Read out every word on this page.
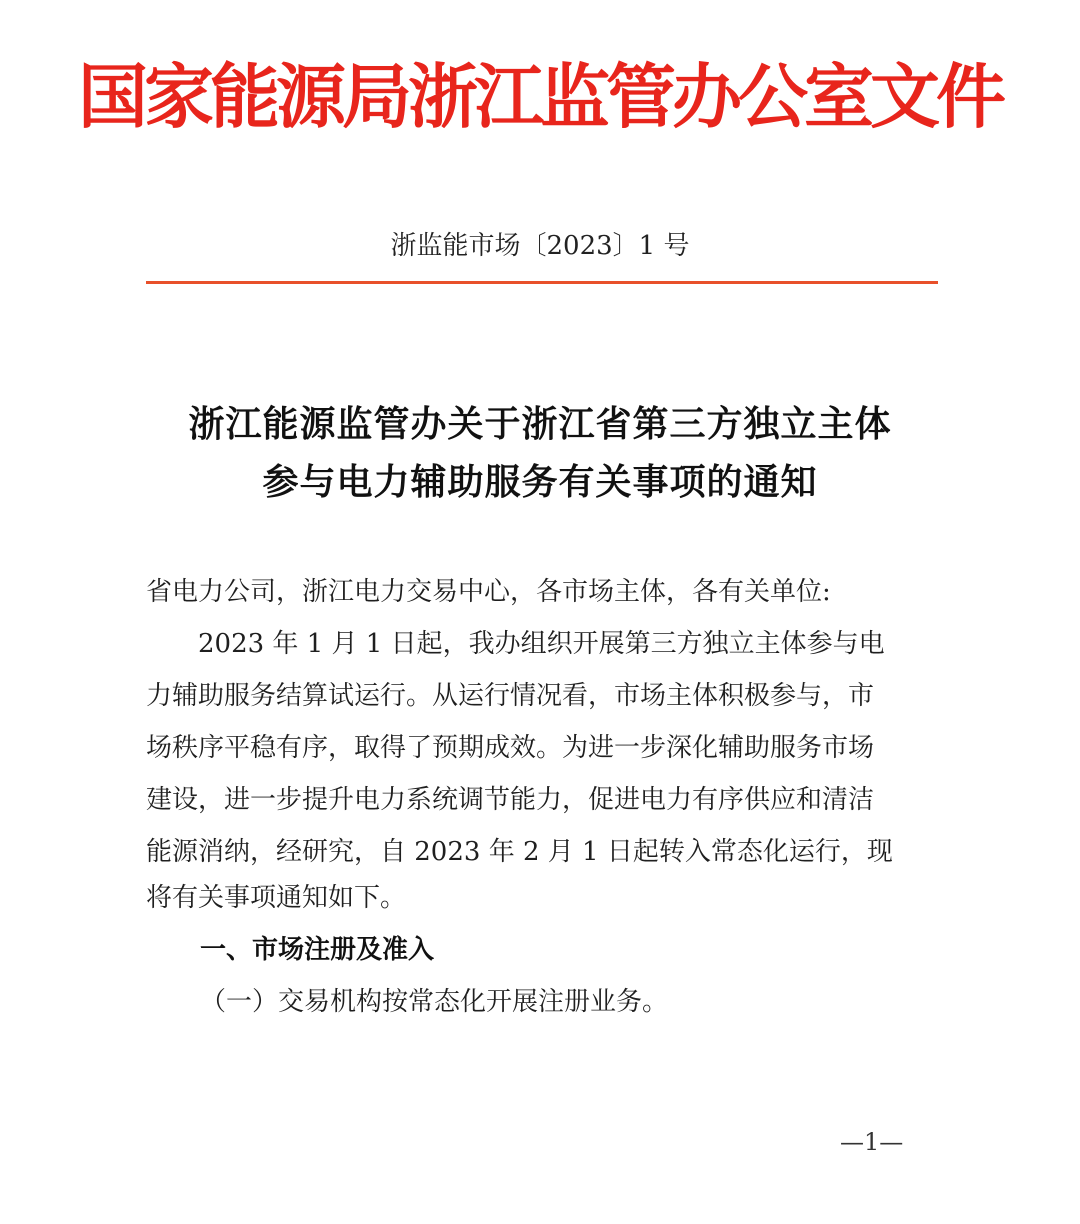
国家能源局浙江监管办公室文件
浙监能市场〔2023〕1 号
浙江能源监管办关于浙江省第三方独立主体
参与电力辅助服务有关事项的通知
省电力公司，浙江电力交易中心，各市场主体，各有关单位:
　　2023 年 1 月 1 日起，我办组织开展第三方独立主体参与电
力辅助服务结算试运行。从运行情况看，市场主体积极参与，市
场秩序平稳有序，取得了预期成效。为进一步深化辅助服务市场
建设，进一步提升电力系统调节能力，促进电力有序供应和清洁
能源消纳，经研究，自 2023 年 2 月 1 日起转入常态化运行，现
将有关事项通知如下。
一、市场注册及准入
（一）交易机构按常态化开展注册业务。
—1—
